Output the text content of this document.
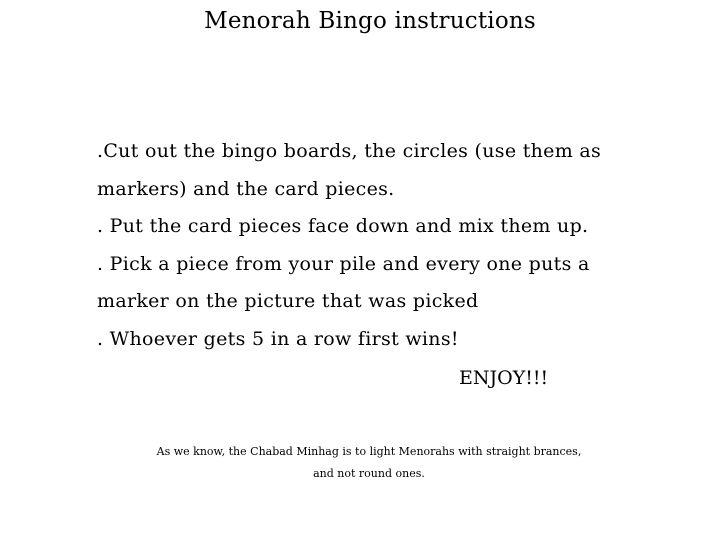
Menorah Bingo instructions
.Cut out the bingo boards, the circles (use them as
markers) and the card pieces.
. Put the card pieces face down and mix them up.
. Pick a piece from your pile and every one puts a
marker on the picture that was picked
. Whoever gets 5 in a row first wins!
ENJOY!!!
As we know, the Chabad Minhag is to light Menorahs with straight brances, and not round ones.
